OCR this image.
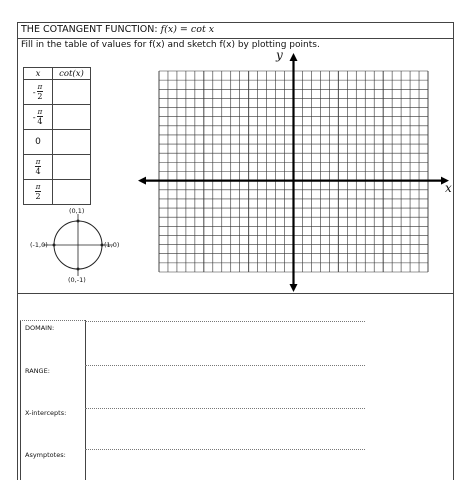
THE COTANGENT FUNCTION: f(x) = cot x
Fill in the table of values for f(x) and sketch f(x) by plotting points.
x	cot(x)
- $\frac{\pi}{2}$

- $\frac{\pi}{4}$

0	

$\frac{\pi}{4}$

$\frac{\pi}{2}$

(0,1)
(-1,0)	(1,0)
(0,-1)
x
y
DOMAIN:
RANGE:
X-intercepts:
Asymptotes:
